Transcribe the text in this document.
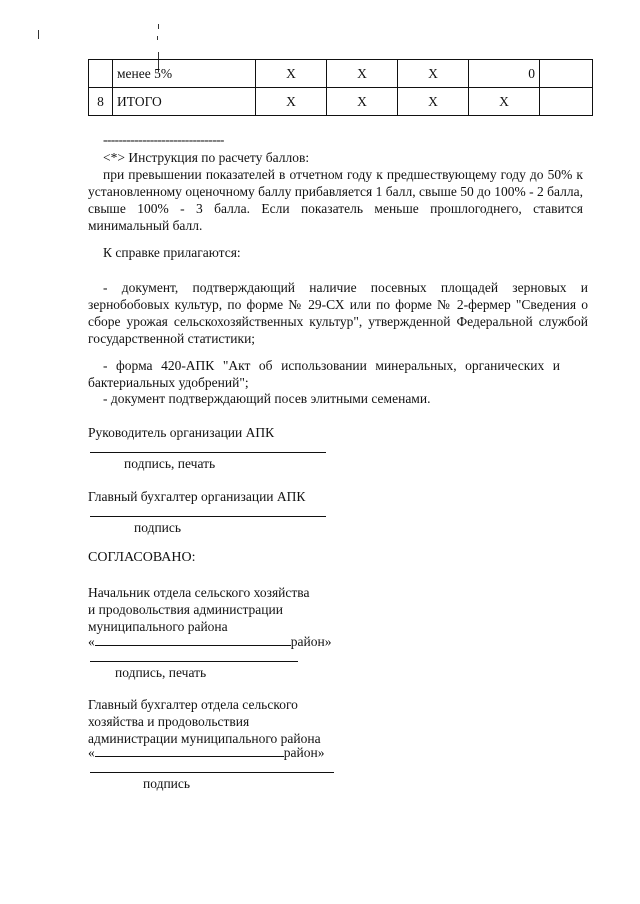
	менее 5%	X	X	X	0	
8	ИТОГО	X	X	X	X	
-------------------------------
<*> Инструкция по расчету баллов:
при превышении показателей в отчетном году к предшествующему году до 50% к установленному оценочному баллу прибавляется 1 балл, свыше 50 до 100% - 2 балла, свыше 100% - 3 балла. Если показатель меньше прошлогоднего, ставится минимальный балл.
К справке прилагаются:
- документ, подтверждающий наличие посевных площадей зерновых и зернобобовых культур, по форме № 29-СХ или по форме № 2-фермер "Сведения о сборе урожая сельскохозяйственных культур", утвержденной Федеральной службой государственной статистики;
- форма 420-АПК "Акт об использовании минеральных, органических и бактериальных удобрений";
- документ подтверждающий посев элитными семенами.
Руководитель организации АПК
подпись, печать
Главный бухгалтер организации АПК
подпись
СОГЛАСОВАНО:
Начальник отдела сельского хозяйства
и продовольствия администрации
муниципального района
«	район»
подпись, печать
Главный бухгалтер отдела сельского
хозяйства и продовольствия
администрации муниципального района
«	район»
подпись
